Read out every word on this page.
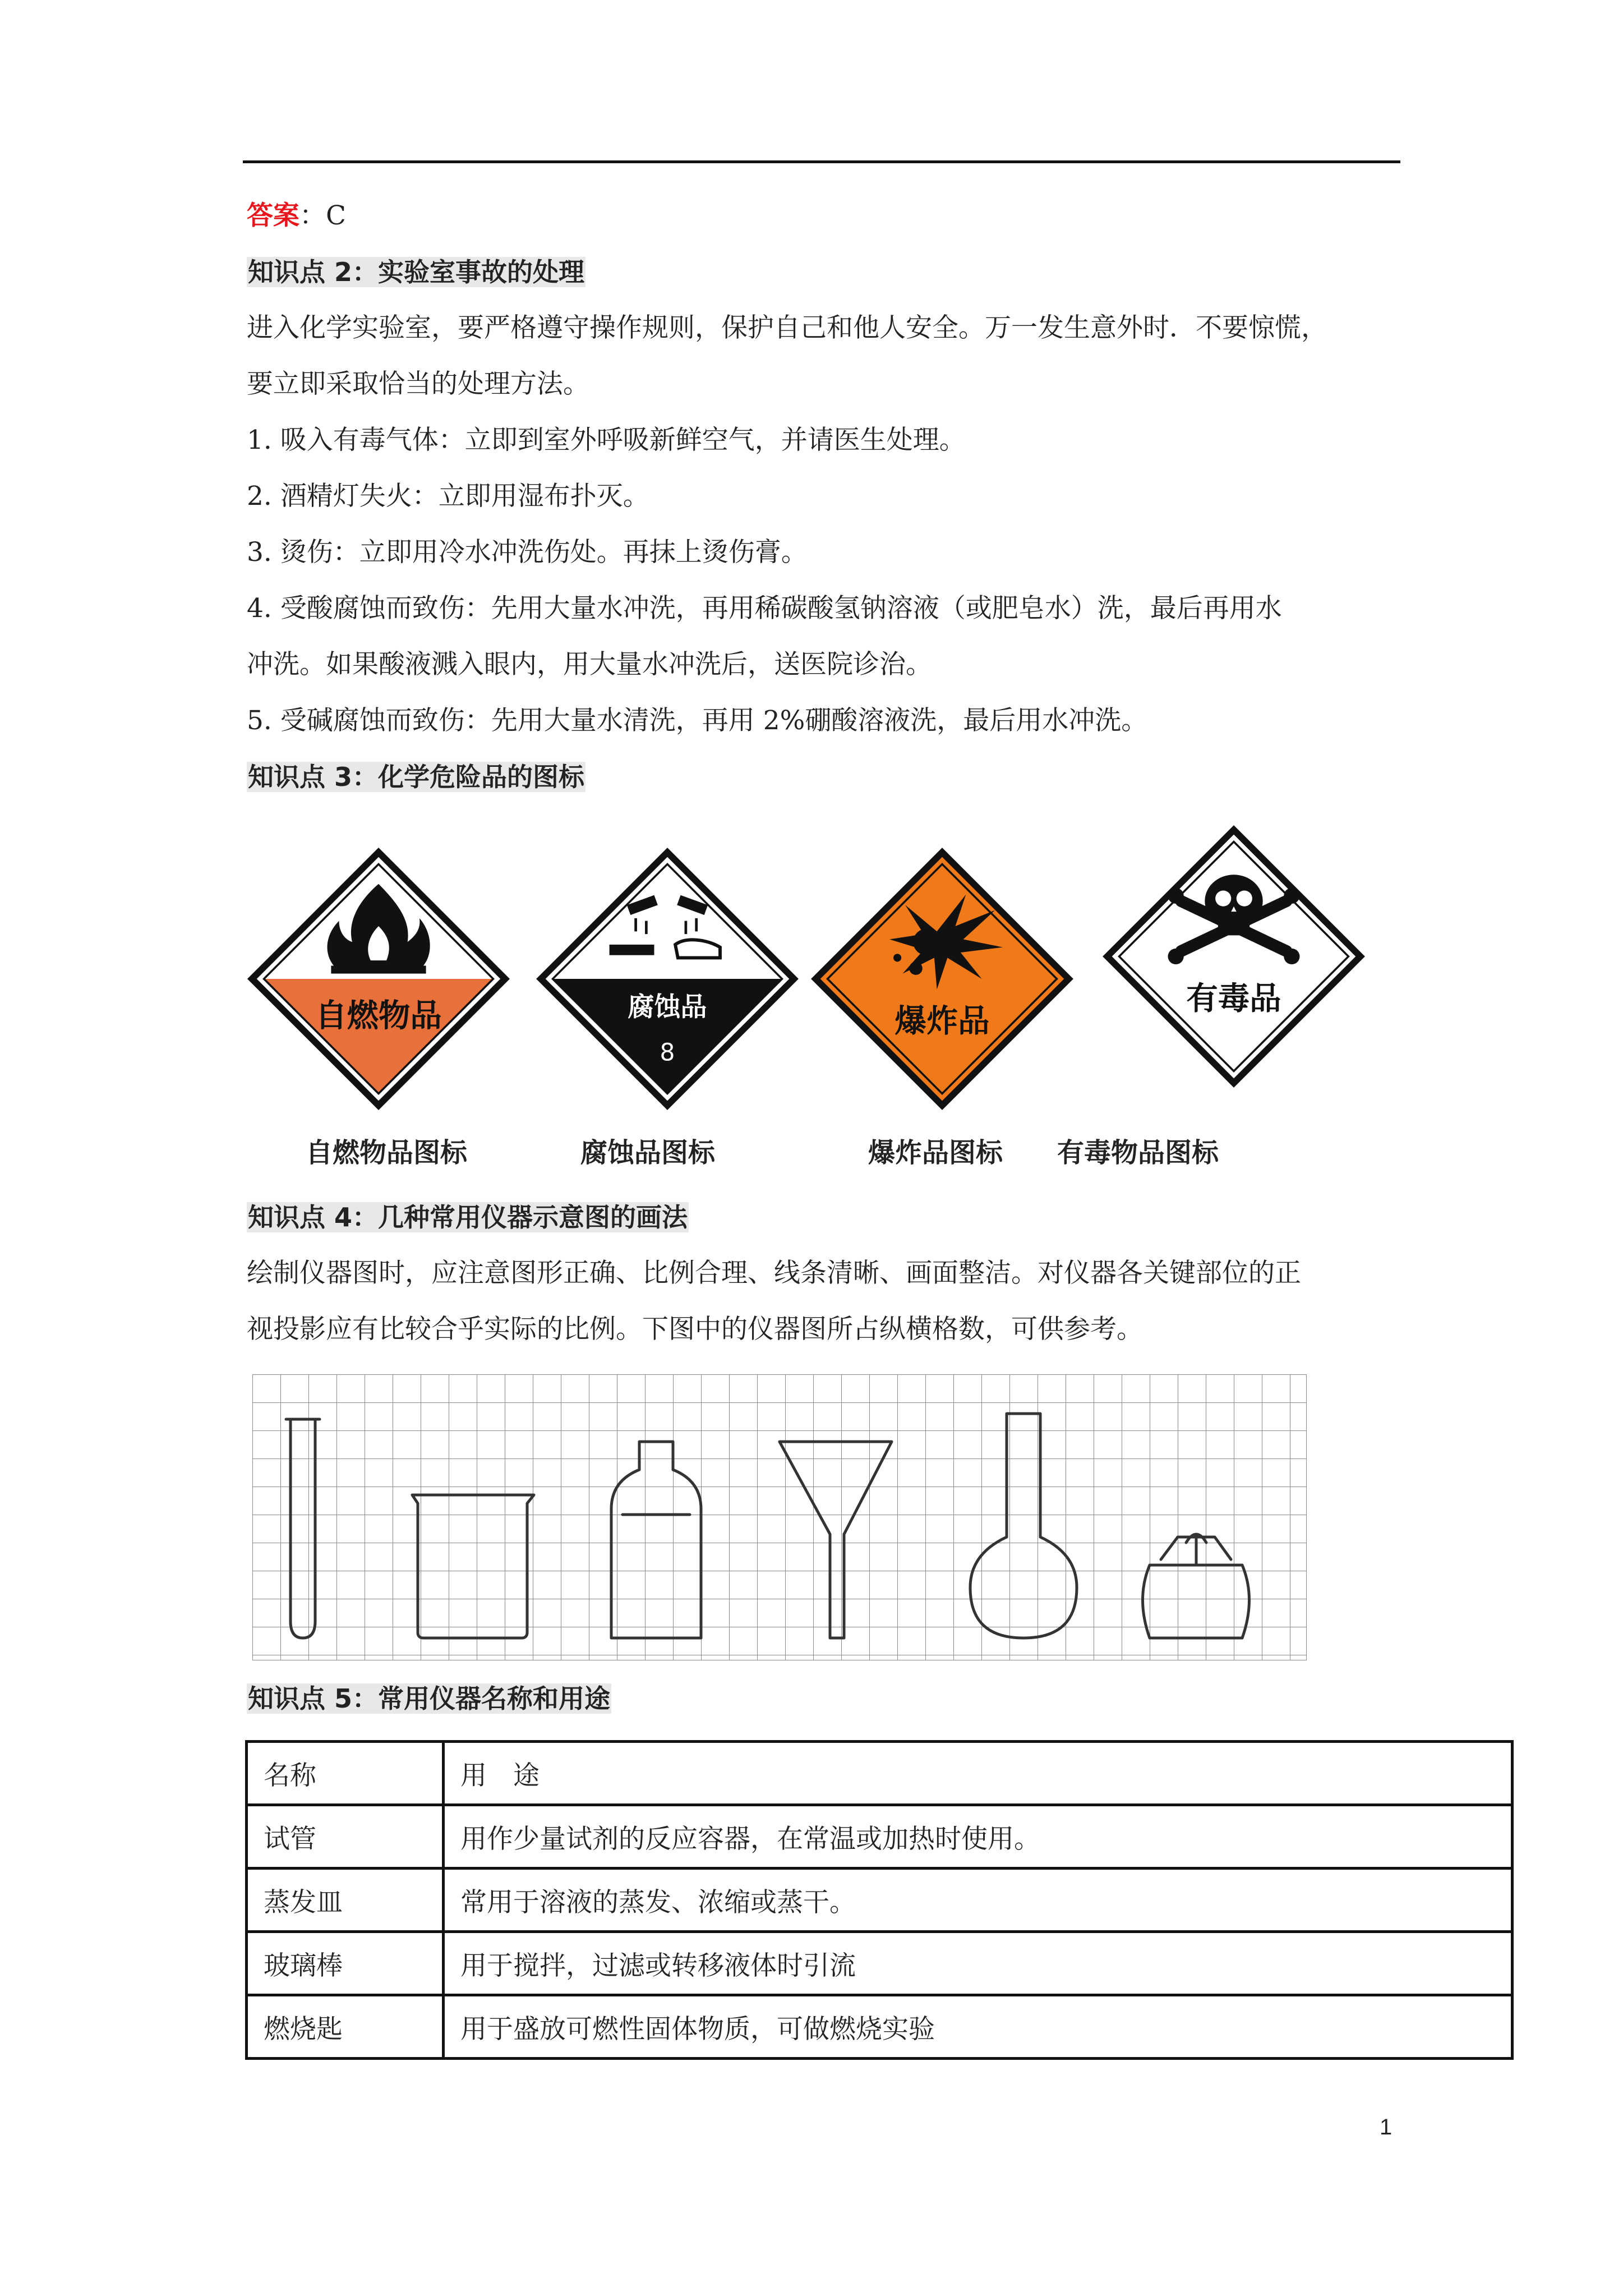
答案：C
知识点 2：实验室事故的处理
进入化学实验室，要严格遵守操作规则，保护自己和他人安全。万一发生意外时．不要惊慌，
要立即采取恰当的处理方法。
1. 吸入有毒气体：立即到室外呼吸新鲜空气，并请医生处理。
2. 酒精灯失火：立即用湿布扑灭。
3. 烫伤：立即用冷水冲洗伤处。再抹上烫伤膏。
4. 受酸腐蚀而致伤：先用大量水冲洗，再用稀碳酸氢钠溶液（或肥皂水）洗，最后再用水
冲洗。如果酸液溅入眼内，用大量水冲洗后，送医院诊治。
5. 受碱腐蚀而致伤：先用大量水清洗，再用 2%硼酸溶液洗，最后用水冲洗。
知识点 3：化学危险品的图标
自燃物品	腐蚀品
8
爆炸品
有毒品
自燃物品图标	腐蚀品图标	爆炸品图标 有毒物品图标
知识点 4：几种常用仪器示意图的画法
绘制仪器图时，应注意图形正确、比例合理、线条清晰、画面整洁。对仪器各关键部位的正
视投影应有比较合乎实际的比例。下图中的仪器图所占纵横格数，可供参考。
知识点 5：常用仪器名称和用途
名称	用　途
试管	用作少量试剂的反应容器，在常温或加热时使用。
蒸发皿	常用于溶液的蒸发、浓缩或蒸干。
玻璃棒	用于搅拌，过滤或转移液体时引流
燃烧匙	用于盛放可燃性固体物质，可做燃烧实验
1
